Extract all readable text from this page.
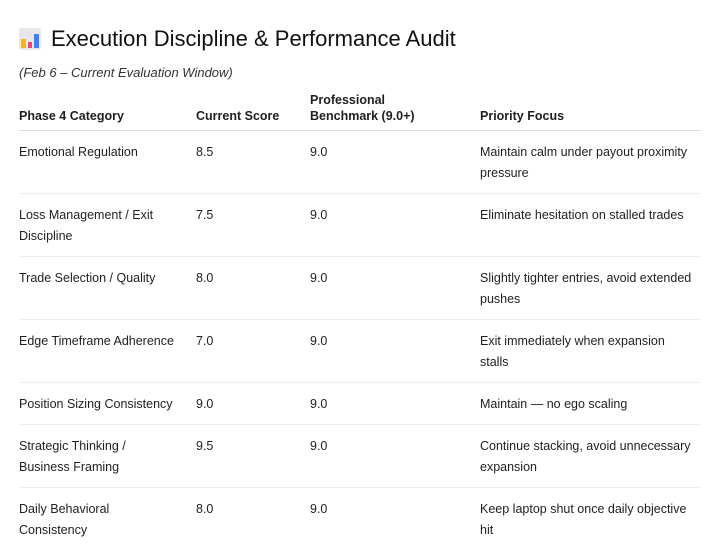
Execution Discipline & Performance Audit
(Feb 6 – Current Evaluation Window)
Phase 4 Category	Current Score	Professional Benchmark (9.0+)	Priority Focus
Emotional Regulation	8.5	9.0	Maintain calm under payout proximity pressure
Loss Management / Exit Discipline	7.5	9.0	Eliminate hesitation on stalled trades
Trade Selection / Quality	8.0	9.0	Slightly tighter entries, avoid extended pushes
Edge Timeframe Adherence	7.0	9.0	Exit immediately when expansion stalls
Position Sizing Consistency	9.0	9.0	Maintain — no ego scaling
Strategic Thinking / Business Framing	9.5	9.0	Continue stacking, avoid unnecessary expansion
Daily Behavioral Consistency	8.0	9.0	Keep laptop shut once daily objective hit
